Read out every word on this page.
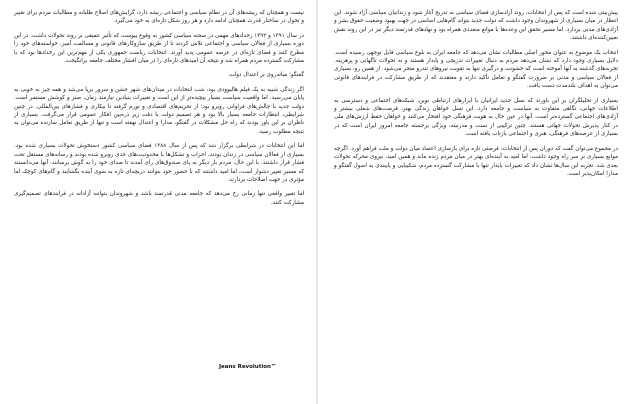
نیست و همچنان که ریشه‌های آن در نظام سیاسی و اجتماعی ریشه دارد، گرایش‌های اصلاح طلبانه و مطالبات مردم برای تغییر و تحول در ساختار قدرت همچنان ادامه دارد و هر روز شکل تازه‌ای به خود می‌گیرد.

در سال ۱۳۹۱ و ۱۳۹۲ رخدادهای مهمی در صحنه سیاسی کشور به وقوع پیوست که تأثیر عمیقی بر روند تحولات داشت. در این دوره بسیاری از فعالان سیاسی و اجتماعی تلاش کردند تا از طریق سازوکارهای قانونی و مسالمت آمیز، خواسته‌های خود را مطرح کنند و فضای تازه‌ای در عرصه عمومی پدید آورند. انتخابات ریاست جمهوری یکی از مهم‌ترین این رخدادها بود که با مشارکت گسترده مردم همراه شد و نتیجه آن امیدهای تازه‌ای را در میان اقشار مختلف جامعه برانگیخت.

گفتگو؛ میانه‌روی بر اعتدال دولت

اگر زندگی شبیه به یک فیلم هالیوودی بود، شب انتخابات در میدان‌های شهر جشن و سرور برپا می‌شد و همه چیز به خوبی به پایان می‌رسید. اما واقعیت سیاست بسیار پیچیده‌تر از این است و تغییرات بنیادین نیازمند زمان، صبر و کوشش مستمر است. دولت جدید با چالش‌های فراوانی روبرو بود؛ از تحریم‌های اقتصادی و تورم گرفته تا بیکاری و فشارهای بین‌المللی. در چنین شرایطی، انتظارات جامعه بسیار بالا بود و هر تصمیم دولت با دقت زیر ذره‌بین افکار عمومی قرار می‌گرفت. بسیاری از ناظران بر این باور بودند که راه حل مشکلات در گفتگو، مدارا و اعتدال نهفته است و تنها از طریق تعامل سازنده می‌توان به نتیجه مطلوب رسید.

اما این انتخابات در شرایطی برگزار شد که پس از سال ۱۳۸۸ فضای سیاسی کشور دستخوش تحولات بسیاری شده بود. بسیاری از فعالان سیاسی در زندان بودند، احزاب و تشکل‌ها با محدودیت‌های جدی روبرو شده بودند و رسانه‌های مستقل تحت فشار قرار داشتند. با این حال، مردم بار دیگر به پای صندوق‌های رأی آمدند تا صدای خود را به گوش برسانند. آنها می‌دانستند که مسیر تغییر دشوار است، اما امید داشتند که با حضور خود بتوانند دریچه‌ای تازه به سوی آینده بگشایند و گام‌های کوچک اما مؤثری در جهت اصلاحات بردارند.

اما تغییر واقعی تنها زمانی رخ می‌دهد که جامعه مدنی قدرتمند باشد و شهروندان بتوانند آزادانه در فرایندهای تصمیم‌گیری مشارکت کنند.

Jeans Revolution™

پیش‌بینی شده است که پس از انتخابات، روند آزادسازی فضای سیاسی به تدریج آغاز شود و زندانیان سیاسی آزاد شوند. این انتظار در میان بسیاری از شهروندان وجود داشت که دولت جدید بتواند گام‌هایی اساسی در جهت بهبود وضعیت حقوق بشر و آزادی‌های مدنی بردارد. اما مسیر تحقق این وعده‌ها با موانع متعددی همراه بود و نهادهای قدرتمند دیگر نیز در این روند نقش تعیین‌کننده‌ای داشتند.

انتخاب یک موضوع به عنوان محور اصلی مطالبات نشان می‌دهد که جامعه ایران به بلوغ سیاسی قابل توجهی رسیده است. دلایل بسیاری وجود دارد که نشان می‌دهد مردم به دنبال تغییرات تدریجی و پایدار هستند و نه تحولات ناگهانی و پرهزینه. تجربه‌های گذشته به آنها آموخته است که خشونت و درگیری تنها به تقویت نیروهای تندرو منجر می‌شود. از همین رو، بسیاری از فعالان سیاسی و مدنی بر ضرورت گفتگو و تعامل تأکید دارند و معتقدند که از طریق مشارکت در فرایندهای قانونی می‌توان به اهداف بلندمدت دست یافت.

بسیاری از تحلیلگران بر این باورند که نسل جدید ایرانیان با ابزارهای ارتباطی نوین، شبکه‌های اجتماعی و دسترسی به اطلاعات جهانی، نگاهی متفاوت به سیاست و جامعه دارد. این نسل خواهان زندگی بهتر، فرصت‌های شغلی بیشتر و آزادی‌های اجتماعی گسترده‌تر است. آنها در عین حال به هویت فرهنگی خود افتخار می‌کنند و خواهان حفظ ارزش‌های ملی در کنار پذیرش تحولات جهانی هستند. چنین ترکیبی از سنت و مدرنیته، ویژگی برجسته جامعه امروز ایران است که در بسیاری از عرصه‌های فرهنگی، هنری و اجتماعی بازتاب یافته است.

در مجموع می‌توان گفت که دوران پس از انتخابات، فرصتی تازه برای بازسازی اعتماد میان دولت و ملت فراهم آورد. اگرچه موانع بسیاری بر سر راه وجود داشت، اما امید به آینده‌ای بهتر در میان مردم زنده ماند و همین امید، نیروی محرکه تحولات بعدی شد. تجربه این سال‌ها نشان داد که تغییرات پایدار تنها با مشارکت گسترده مردم، شکیبایی و پایبندی به اصول گفتگو و مدارا امکان‌پذیر است.
